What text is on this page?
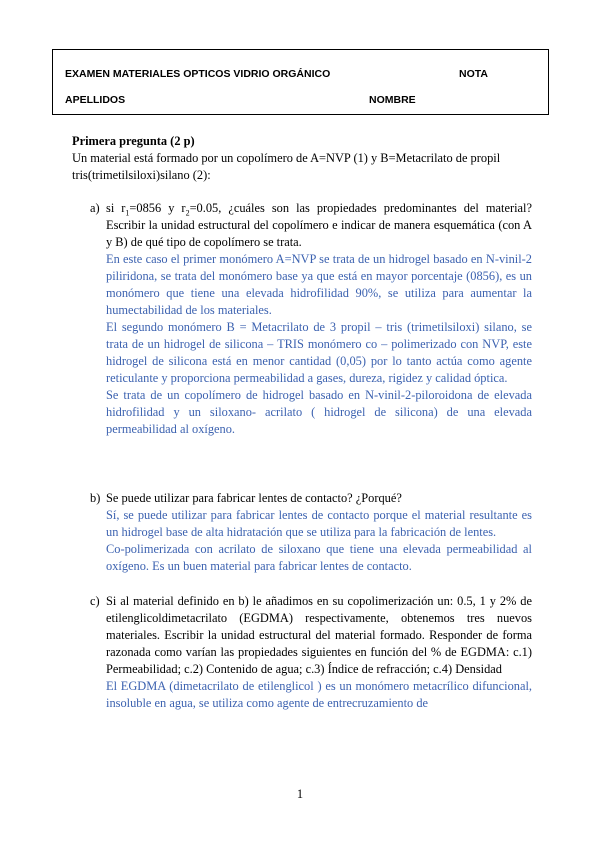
EXAMEN MATERIALES OPTICOS VIDRIO ORGÁNICO	NOTA
APELLIDOS	NOMBRE

Primera pregunta (2 p)

Un material está formado por un copolímero de A=NVP (1) y B=Metacrilato de propil tris(trimetilsiloxi)silano (2):

a) si $r_1=0856$ y $r_2=0.05$, ¿cuáles son las propiedades predominantes del material? Escribir la unidad estructural del copolímero e indicar de manera esquemática (con A y B) de qué tipo de copolímero se trata.

En este caso el primer monómero A=NVP se trata de un hidrogel basado en N-vinil-2 piliridona, se trata del monómero base ya que está en mayor porcentaje (0856), es un monómero que tiene una elevada hidrofilidad 90%, se utiliza para aumentar la humectabilidad de los materiales.

El segundo monómero B = Metacrilato de 3 propil – tris (trimetilsiloxi) silano, se trata de un hidrogel de silicona – TRIS monómero co – polimerizado con NVP, este hidrogel de silicona está en menor cantidad (0,05) por lo tanto actúa como agente reticulante y proporciona permeabilidad a gases, dureza, rigidez y calidad óptica.

Se trata de un copolímero de hidrogel basado en N-vinil-2-piloroidona de elevada hidrofilidad y un siloxano- acrilato ( hidrogel de silicona) de una elevada permeabilidad al oxígeno.

b) Se puede utilizar para fabricar lentes de contacto? ¿Porqué?

Sí, se puede utilizar para fabricar lentes de contacto porque el material resultante es un hidrogel base de alta hidratación que se utiliza para la fabricación de lentes.

Co-polimerizada con acrilato de siloxano que tiene una elevada permeabilidad al oxígeno. Es un buen material para fabricar lentes de contacto.

c) Si al material definido en b) le añadimos en su copolimerización un: 0.5, 1 y 2% de etilenglicoldimetacrilato (EGDMA) respectivamente, obtenemos tres nuevos materiales. Escribir la unidad estructural del material formado. Responder de forma razonada como varían las propiedades siguientes en función del % de EGDMA: c.1) Permeabilidad; c.2) Contenido de agua; c.3) Índice de refracción; c.4) Densidad

El EGDMA (dimetacrilato de etilenglicol ) es un monómero metacrílico difuncional, insoluble en agua, se utiliza como agente de entrecruzamiento de

1
